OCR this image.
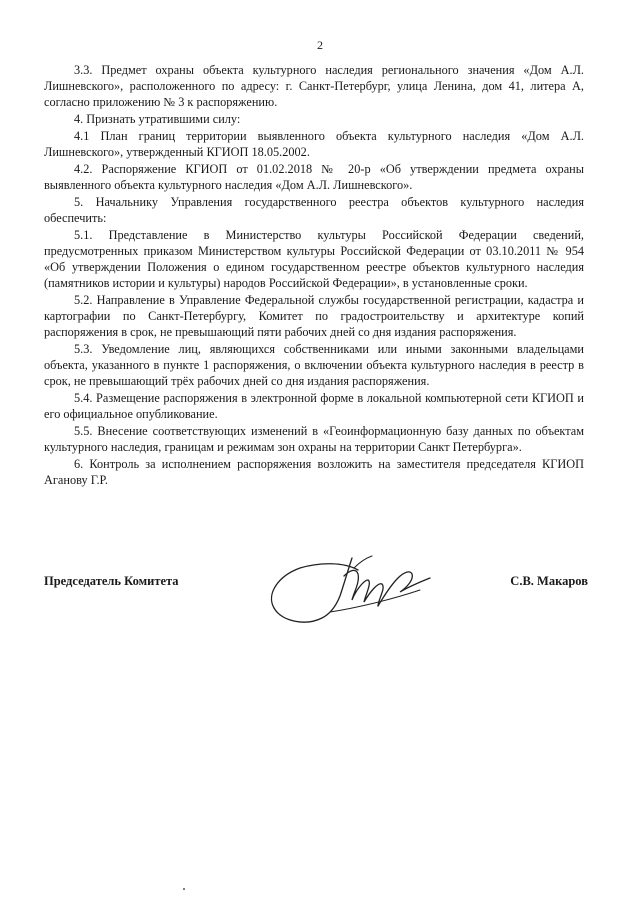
2

3.3. Предмет охраны объекта культурного наследия регионального значения «Дом А.Л. Лишневского», расположенного по адресу: г. Санкт-Петербург, улица Ленина, дом 41, литера А, согласно приложению № 3 к распоряжению.

4. Признать утратившими силу:

4.1 План границ территории выявленного объекта культурного наследия «Дом А.Л. Лишневского», утвержденный КГИОП 18.05.2002.

4.2. Распоряжение КГИОП от 01.02.2018 № 20-р «Об утверждении предмета охраны выявленного объекта культурного наследия «Дом А.Л. Лишневского».

5. Начальнику Управления государственного реестра объектов культурного наследия обеспечить:

5.1. Представление в Министерство культуры Российской Федерации сведений, предусмотренных приказом Министерством культуры Российской Федерации от 03.10.2011 № 954 «Об утверждении Положения о едином государственном реестре объектов культурного наследия (памятников истории и культуры) народов Российской Федерации», в установленные сроки.

5.2. Направление в Управление Федеральной службы государственной регистрации, кадастра и картографии по Санкт-Петербургу, Комитет по градостроительству и архитектуре копий распоряжения в срок, не превышающий пяти рабочих дней со дня издания распоряжения.

5.3. Уведомление лиц, являющихся собственниками или иными законными владельцами объекта, указанного в пункте 1 распоряжения, о включении объекта культурного наследия в реестр в срок, не превышающий трёх рабочих дней со дня издания распоряжения.

5.4. Размещение распоряжения в электронной форме в локальной компьютерной сети КГИОП и его официальное опубликование.

5.5. Внесение соответствующих изменений в «Геоинформационную базу данных по объектам культурного наследия, границам и режимам зон охраны на территории Санкт Петербурга».

6. Контроль за исполнением распоряжения возложить на заместителя председателя КГИОП Аганову Г.Р.

Председатель Комитета	С.В. Макаров
